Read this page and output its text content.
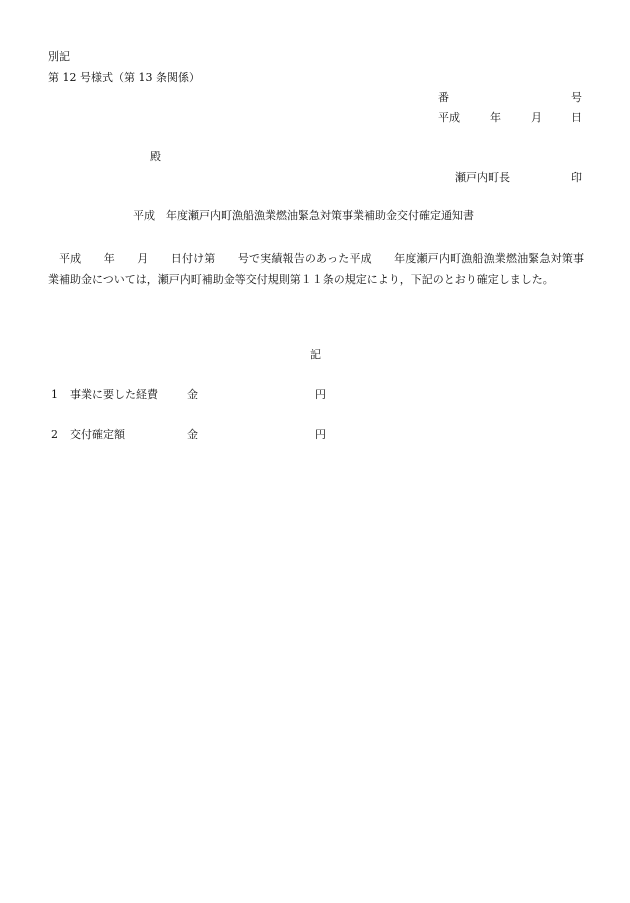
別記
第 12 号様式（第 13 条関係）
番	号
平成	年	月	日
殿
瀬戸内町長	印
平成　年度瀬戸内町漁船漁業燃油緊急対策事業補助金交付確定通知書
平成　　年　　月　　日付け第　　号で実績報告のあった平成　　年度瀬戸内町漁船漁業燃油緊急対策事業補助金については，瀬戸内町補助金等交付規則第１１条の規定により，下記のとおり確定しました。
記
1 事業に要した経費	金	円
2 交付確定額	金	円
